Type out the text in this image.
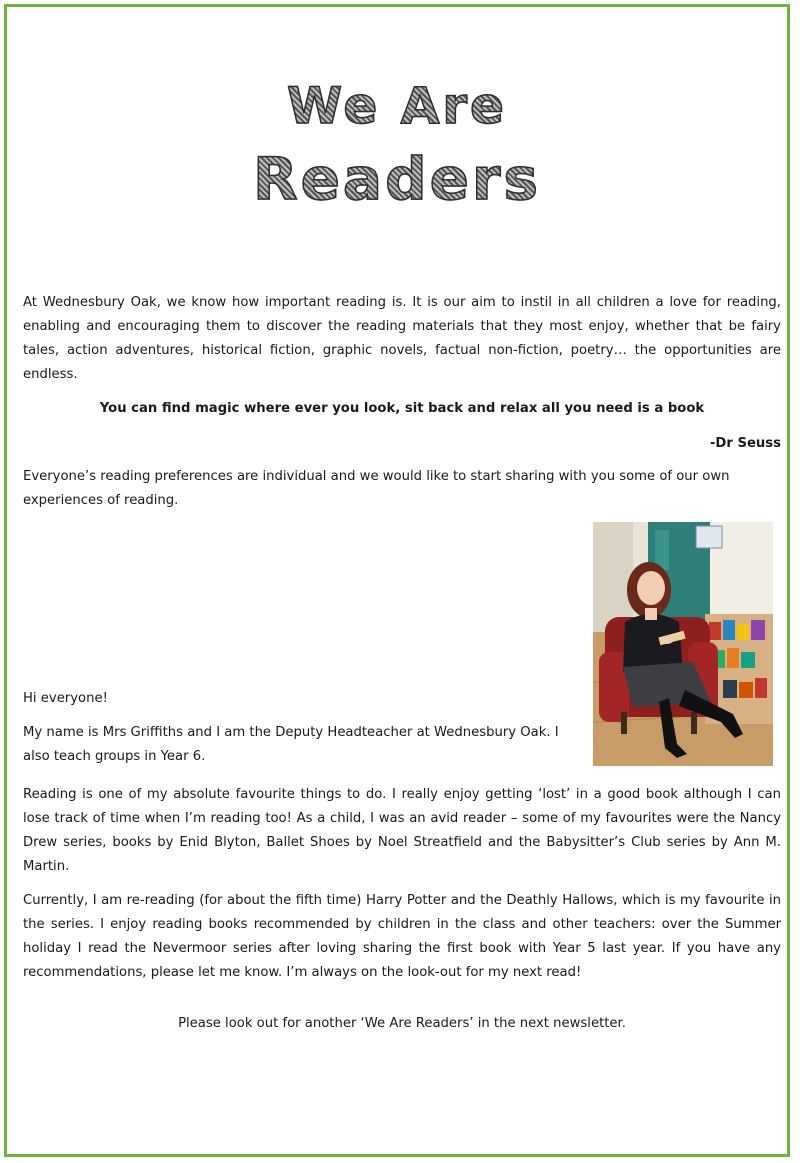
We Are
Readers

At Wednesbury Oak, we know how important reading is. It is our aim to instil in all children a love for reading, enabling and encouraging them to discover the reading materials that they most enjoy, whether that be fairy tales, action adventures, historical fiction, graphic novels, factual non-fiction, poetry… the opportunities are endless.

You can find magic where ever you look, sit back and relax all you need is a book

-Dr Seuss

Everyone’s reading preferences are individual and we would like to start sharing with you some of our own experiences of reading.

Hi everyone!

My name is Mrs Griffiths and I am the Deputy Headteacher at Wednesbury Oak. I also teach groups in Year 6.

Reading is one of my absolute favourite things to do. I really enjoy getting ‘lost’ in a good book although I can lose track of time when I’m reading too! As a child, I was an avid reader – some of my favourites were the Nancy Drew series, books by Enid Blyton, Ballet Shoes by Noel Streatfield and the Babysitter’s Club series by Ann M. Martin.

Currently, I am re-reading (for about the fifth time) Harry Potter and the Deathly Hallows, which is my favourite in the series. I enjoy reading books recommended by children in the class and other teachers: over the Summer holiday I read the Nevermoor series after loving sharing the first book with Year 5 last year. If you have any recommendations, please let me know. I’m always on the look-out for my next read!

Please look out for another ‘We Are Readers’ in the next newsletter.
